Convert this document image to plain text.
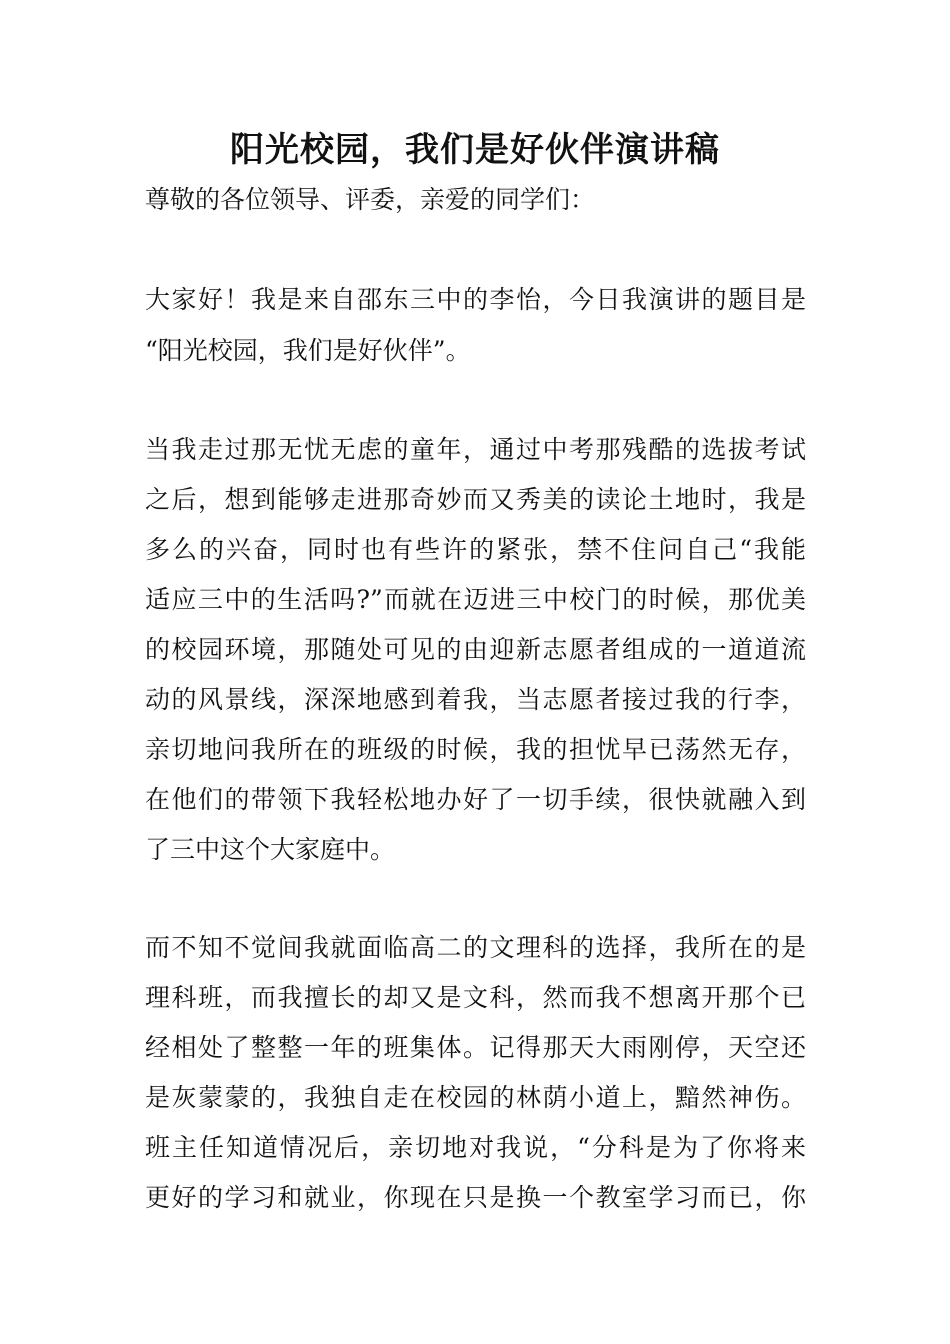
阳光校园，我们是好伙伴演讲稿
尊敬的各位领导、评委，亲爱的同学们：
大家好！我是来自邵东三中的李怡，今日我演讲的题目是
“阳光校园，我们是好伙伴”。
当我走过那无忧无虑的童年，通过中考那残酷的选拔考试
之后，想到能够走进那奇妙而又秀美的读论土地时，我是
多么的兴奋，同时也有些许的紧张，禁不住问自己“我能
适应三中的生活吗?”而就在迈进三中校门的时候，那优美
的校园环境，那随处可见的由迎新志愿者组成的一道道流
动的风景线，深深地感到着我，当志愿者接过我的行李，
亲切地问我所在的班级的时候，我的担忧早已荡然无存，
在他们的带领下我轻松地办好了一切手续，很快就融入到
了三中这个大家庭中。
而不知不觉间我就面临高二的文理科的选择，我所在的是
理科班，而我擅长的却又是文科，然而我不想离开那个已
经相处了整整一年的班集体。记得那天大雨刚停，天空还
是灰蒙蒙的，我独自走在校园的林荫小道上，黯然神伤。
班主任知道情况后，亲切地对我说，“分科是为了你将来
更好的学习和就业，你现在只是换一个教室学习而已，你
